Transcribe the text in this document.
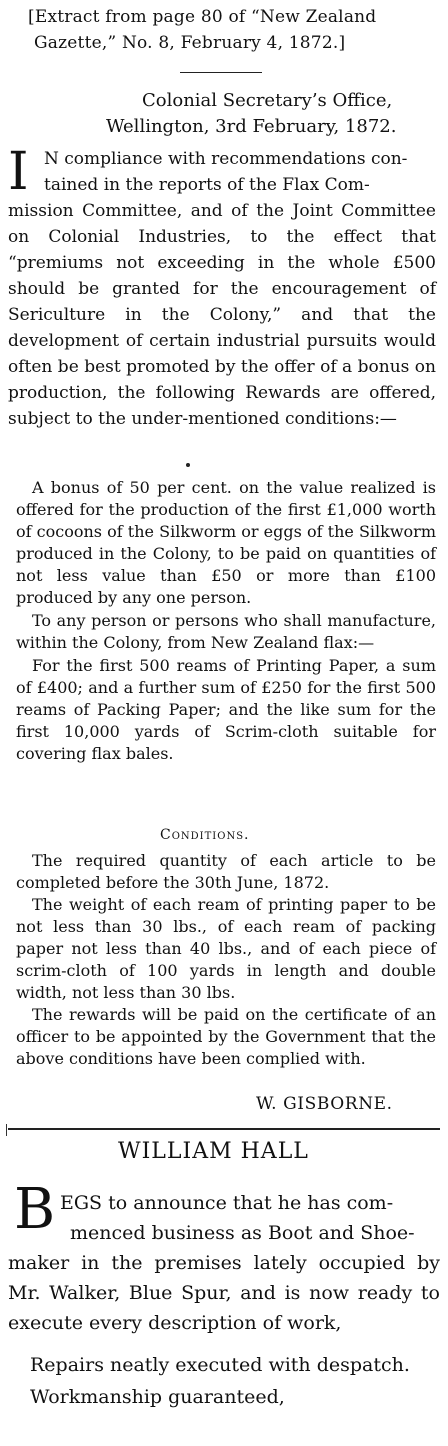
[Extract from page 80 of “New Zealand
Gazette,” No. 8, February 4, 1872.]
Colonial Secretary’s Office,
Wellington, 3rd February, 1872.
I N compliance with recommendations con-
tained in the reports of the Flax Com-
mission Committee, and of the Joint Committee on Colonial Industries, to the effect that “premiums not exceeding in the whole £500 should be granted for the encouragement of Sericulture in the Colony,” and that the development of certain industrial pursuits would often be best promoted by the offer of a bonus on production, the following Rewards are offered, subject to the under-mentioned conditions:—
A bonus of 50 per cent. on the value realized is offered for the production of the first £1,000 worth of cocoons of the Silkworm or eggs of the Silkworm produced in the Colony, to be paid on quantities of not less value than £50 or more than £100 produced by any one person.
To any person or persons who shall manufacture, within the Colony, from New Zealand flax:—
For the first 500 reams of Printing Paper, a sum of £400; and a further sum of £250 for the first 500 reams of Packing Paper; and the like sum for the first 10,000 yards of Scrim-cloth suitable for covering flax bales.
Conditions.
The required quantity of each article to be completed before the 30th June, 1872.
The weight of each ream of printing paper to be not less than 30 lbs., of each ream of packing paper not less than 40 lbs., and of each piece of scrim-cloth of 100 yards in length and double width, not less than 30 lbs.
The rewards will be paid on the certificate of an officer to be appointed by the Government that the above conditions have been complied with.
W. GISBORNE.
WILLIAM HALL
B EGS to announce that he has com-
menced business as Boot and Shoe-
maker in the premises lately occupied by Mr. Walker, Blue Spur, and is now ready to execute every description of work,
Repairs neatly executed with despatch.
Workmanship guaranteed,
